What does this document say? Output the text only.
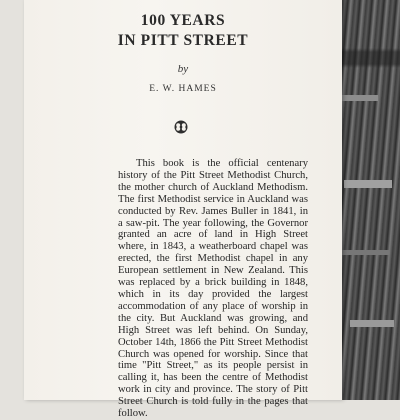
100 YEARS
IN PITT STREET
by
E. W. HAMES

This book is the official centenary history of the Pitt Street Methodist Church, the mother church of Auckland Methodism. The first Methodist service in Auckland was conducted by Rev. James Buller in 1841, in a saw-pit. The year following, the Governor granted an acre of land in High Street where, in 1843, a weatherboard chapel was erected, the first Methodist chapel in any European settlement in New Zealand. This was replaced by a brick building in 1848, which in its day provided the largest accommodation of any place of worship in the city. But Auckland was growing, and High Street was left behind. On Sunday, October 14th, 1866 the Pitt Street Methodist Church was opened for worship. Since that time "Pitt Street," as its people persist in calling it, has been the centre of Methodist work in city and province. The story of Pitt Street Church is told fully in the pages that follow.
